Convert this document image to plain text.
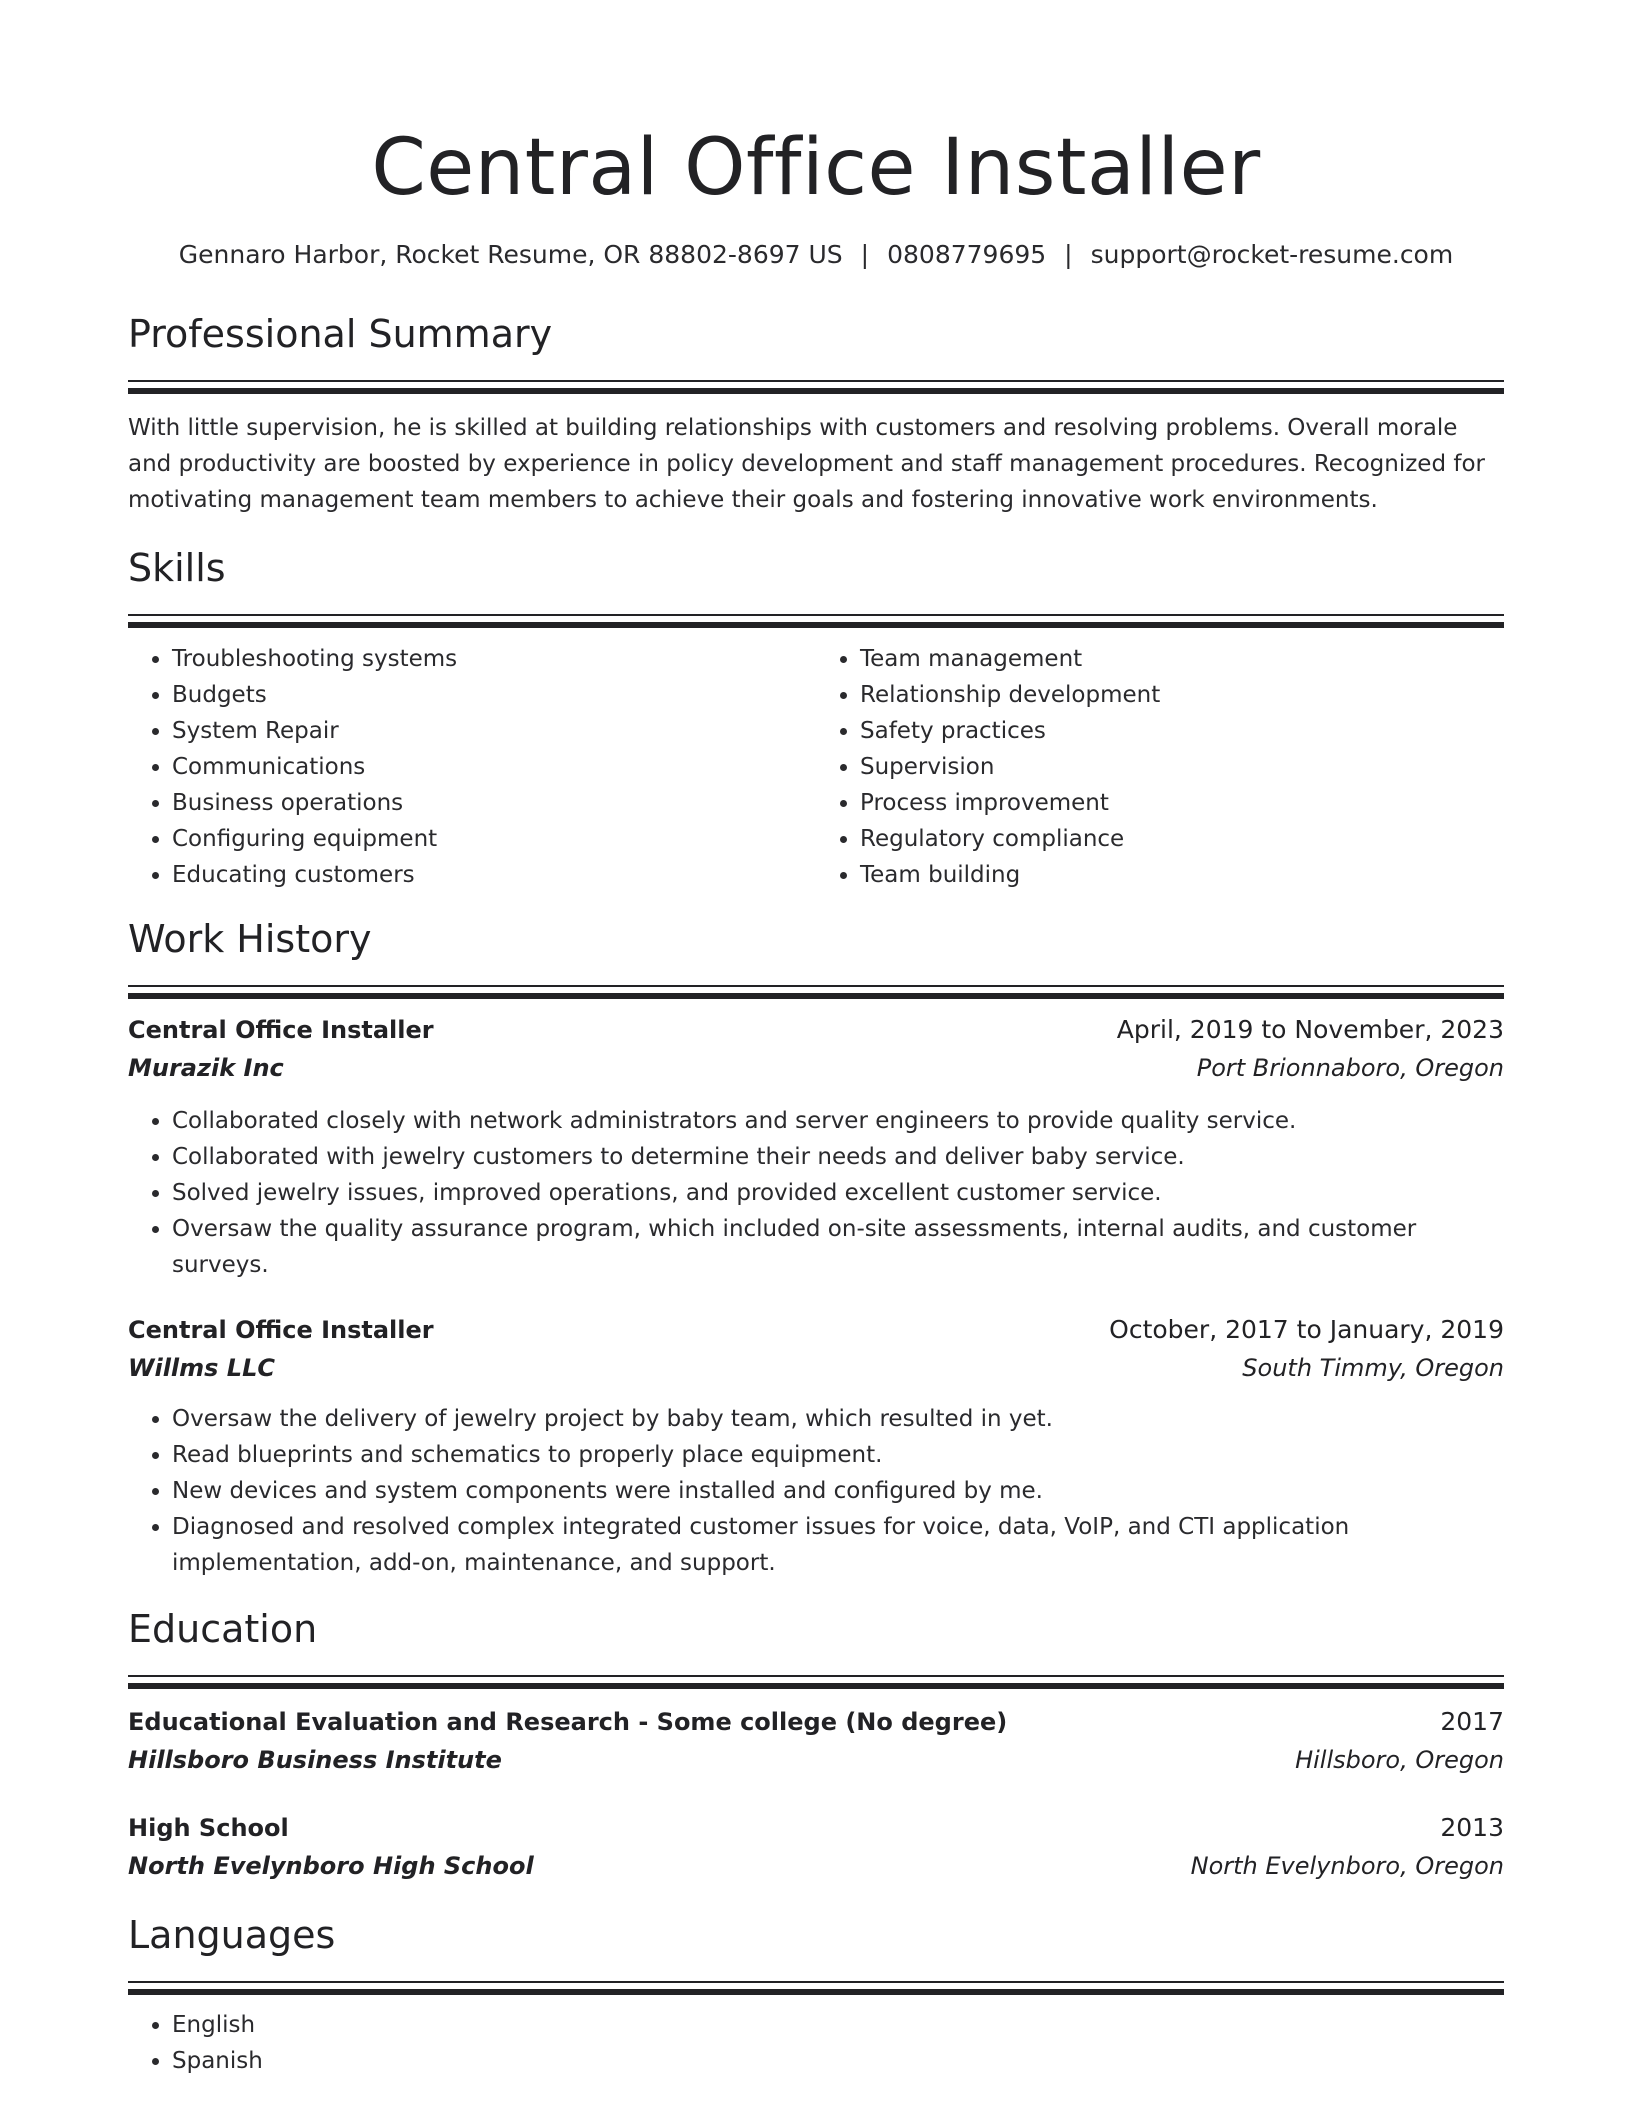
Central Office Installer
Gennaro Harbor, Rocket Resume, OR 88802-8697 US | 0808779695 | support@rocket-resume.com
Professional Summary
With little supervision, he is skilled at building relationships with customers and resolving problems. Overall morale and productivity are boosted by experience in policy development and staff management procedures. Recognized for motivating management team members to achieve their goals and fostering innovative work environments.
Skills
• Troubleshooting systems
• Budgets
• System Repair
• Communications
• Business operations
• Configuring equipment
• Educating customers
• Team management
• Relationship development
• Safety practices
• Supervision
• Process improvement
• Regulatory compliance
• Team building
Work History
Central Office Installer	April, 2019 to November, 2023
Murazik Inc	Port Brionnaboro, Oregon
• Collaborated closely with network administrators and server engineers to provide quality service.
• Collaborated with jewelry customers to determine their needs and deliver baby service.
• Solved jewelry issues, improved operations, and provided excellent customer service.
• Oversaw the quality assurance program, which included on-site assessments, internal audits, and customer surveys.
Central Office Installer	October, 2017 to January, 2019
Willms LLC	South Timmy, Oregon
• Oversaw the delivery of jewelry project by baby team, which resulted in yet.
• Read blueprints and schematics to properly place equipment.
• New devices and system components were installed and configured by me.
• Diagnosed and resolved complex integrated customer issues for voice, data, VoIP, and CTI application implementation, add-on, maintenance, and support.
Education
Educational Evaluation and Research - Some college (No degree)	2017
Hillsboro Business Institute	Hillsboro, Oregon
High School	2013
North Evelynboro High School	North Evelynboro, Oregon
Languages
• English
• Spanish
